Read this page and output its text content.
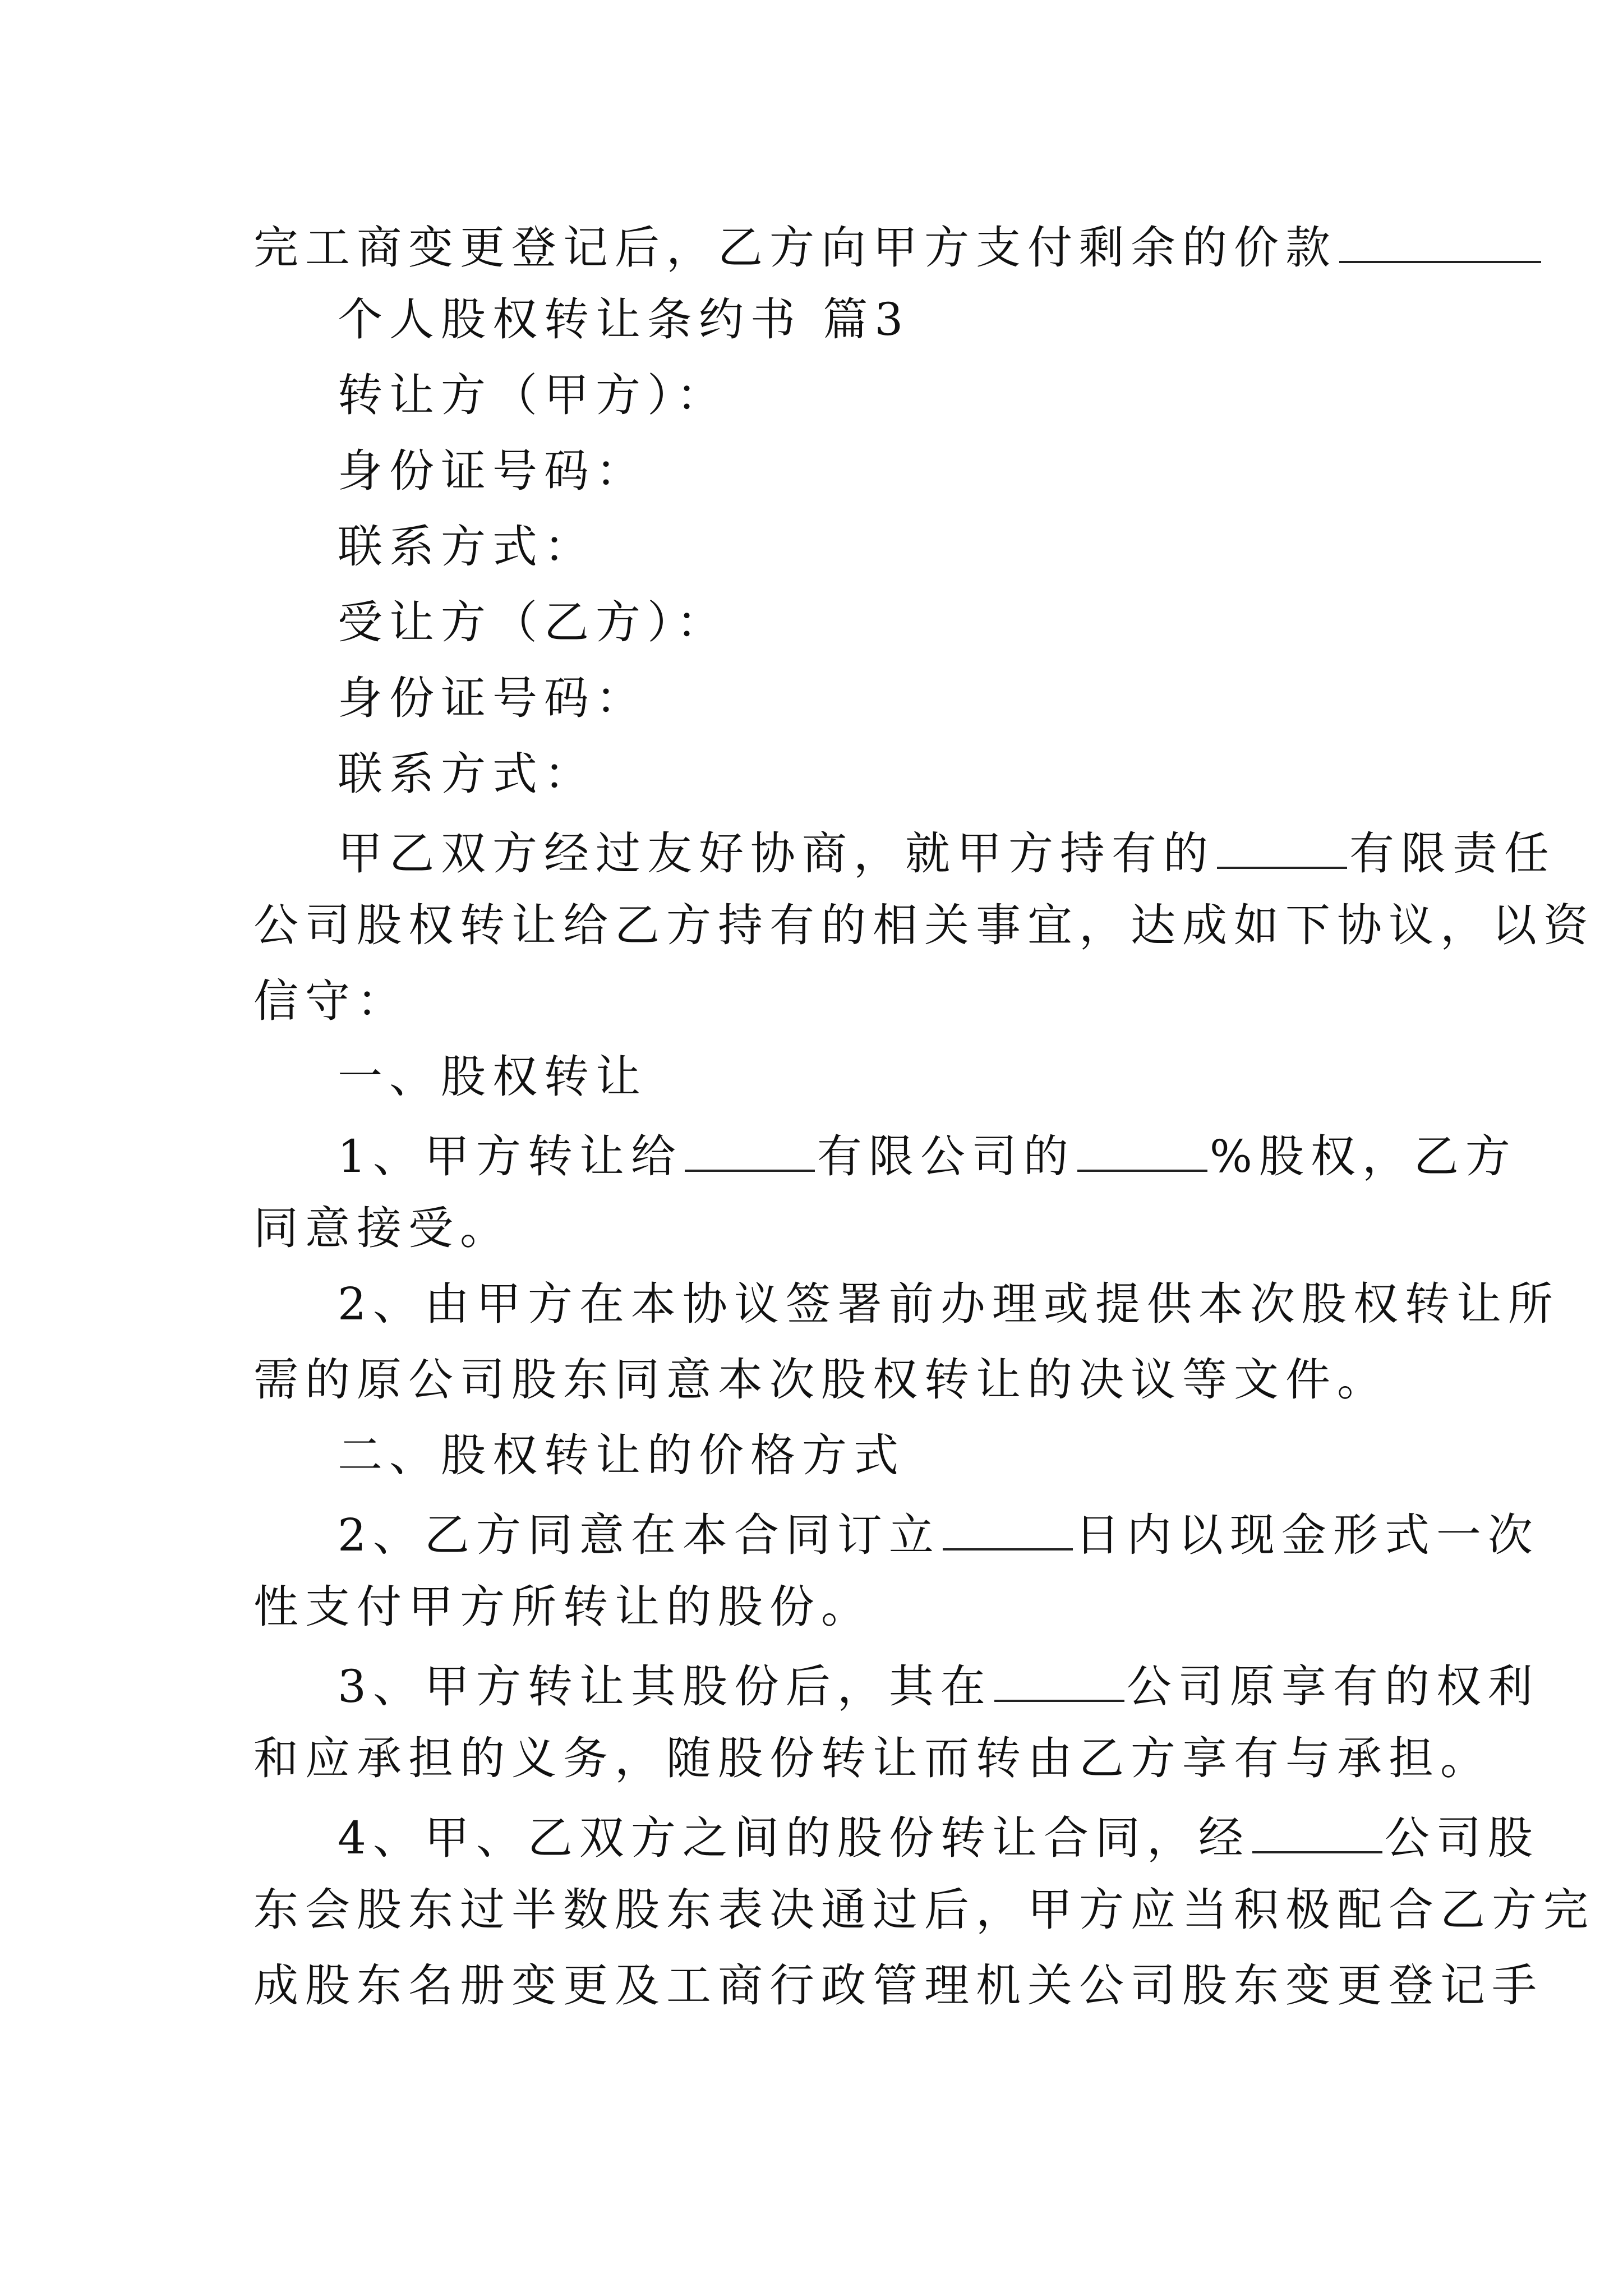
完工商变更登记后，乙方向甲方支付剩余的价款
个人股权转让条约书 篇3
转让方（甲方）：
身份证号码：
联系方式：
受让方（乙方）：
身份证号码：
联系方式：
甲乙双方经过友好协商，就甲方持有的	有限责任
公司股权转让给乙方持有的相关事宜，达成如下协议，以资
信守：
一、股权转让
1、甲方转让给	有限公司的	%股权，乙方
同意接受。
2、由甲方在本协议签署前办理或提供本次股权转让所
需的原公司股东同意本次股权转让的决议等文件。
二、股权转让的价格方式
2、乙方同意在本合同订立	日内以现金形式一次
性支付甲方所转让的股份。
3、甲方转让其股份后，其在	公司原享有的权利
和应承担的义务，随股份转让而转由乙方享有与承担。
4、甲、乙双方之间的股份转让合同，经	公司股
东会股东过半数股东表决通过后，甲方应当积极配合乙方完
成股东名册变更及工商行政管理机关公司股东变更登记手
